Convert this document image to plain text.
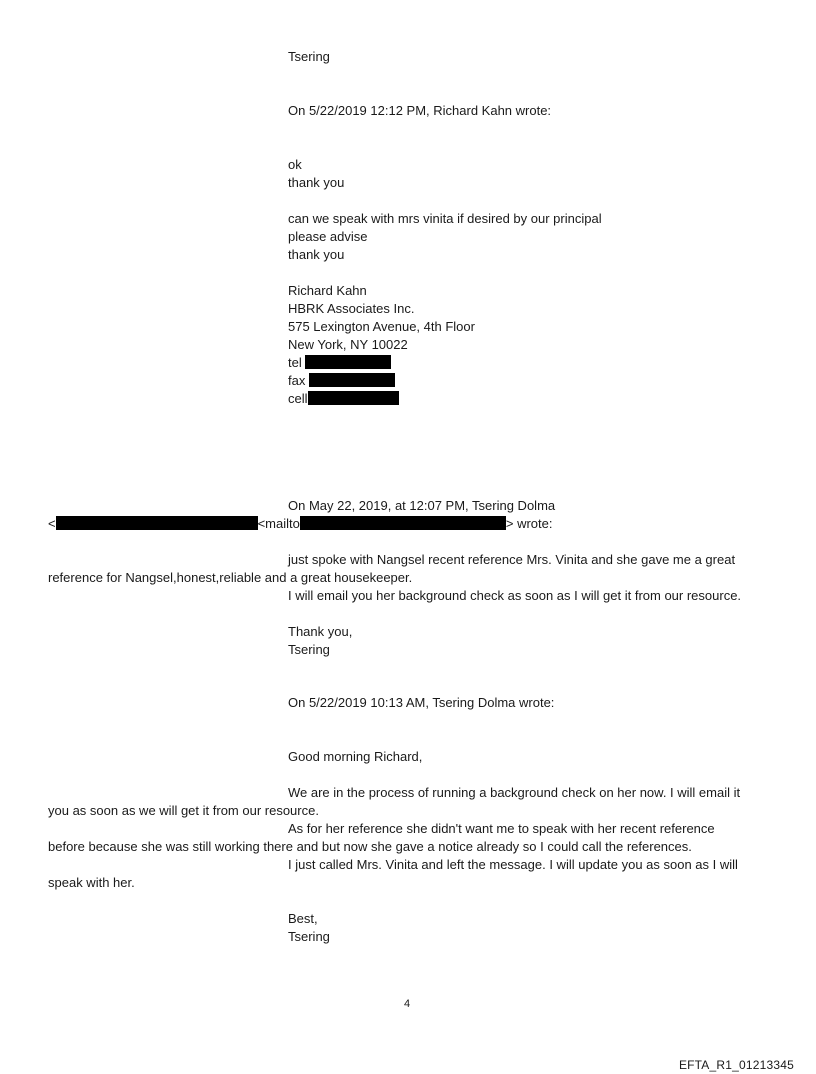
Tsering
On 5/22/2019 12:12 PM, Richard Kahn wrote:
ok
thank you
can we speak with mrs vinita if desired by our principal
please advise
thank you
Richard Kahn
HBRK Associates Inc.
575 Lexington Avenue, 4th Floor
New York, NY 10022
tel
fax
cell
On May 22, 2019, at 12:07 PM, Tsering Dolma
<	<mailto	> wrote:
just spoke with Nangsel recent reference Mrs. Vinita and she gave me a great
reference for Nangsel,honest,reliable and a great housekeeper.
I will email you her background check as soon as I will get it from our resource.
Thank you,
Tsering
On 5/22/2019 10:13 AM, Tsering Dolma wrote:
Good morning Richard,
We are in the process of running a background check on her now. I will email it
you as soon as we will get it from our resource.
As for her reference she didn't want me to speak with her recent reference
before because she was still working there and but now she gave a notice already so I could call the references.
I just called Mrs. Vinita and left the message. I will update you as soon as I will
speak with her.
Best,
Tsering
4
EFTA_R1_01213345
